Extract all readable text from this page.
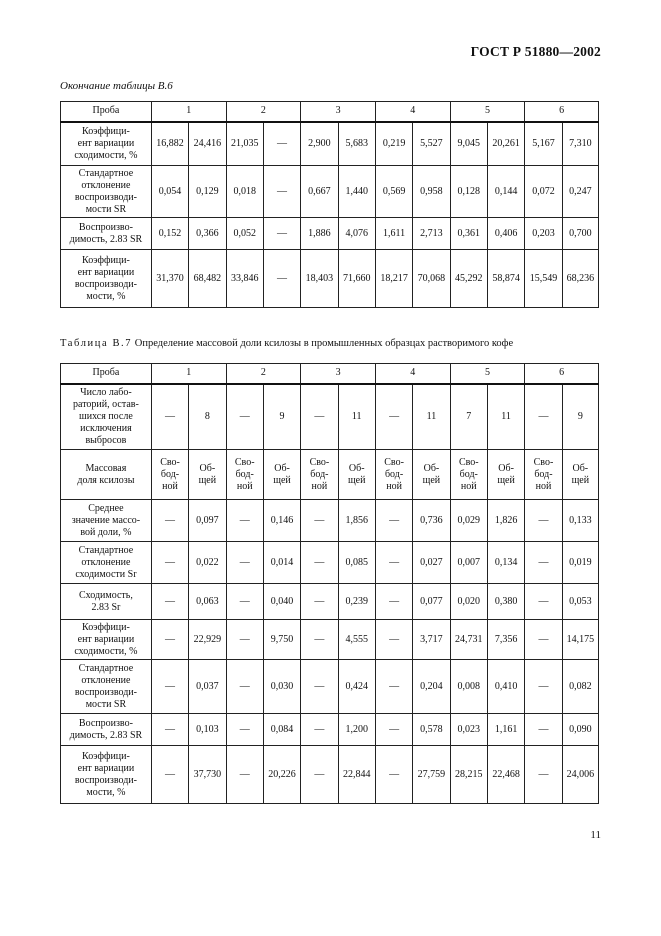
ГОСТ Р 51880—2002
Окончание таблицы В.6
Проба	1		2		3		4		5		6	
Коэффици-
ент вариации
сходимости, %	16,882	24,416	21,035	—	2,900	5,683	0,219	5,527	9,045	20,261	5,167	7,310
Стандартное
отклонение
воспроизводи-
мости SR	0,054	0,129	0,018	—	0,667	1,440	0,569	0,958	0,128	0,144	0,072	0,247
Воспроизво-
димость, 2.83 SR	0,152	0,366	0,052	—	1,886	4,076	1,611	2,713	0,361	0,406	0,203	0,700
Коэффици-
ент вариации
воспроизводи-
мости, %	31,370	68,482	33,846	—	18,403	71,660	18,217	70,068	45,292	58,874	15,549	68,236
Таблица В.7 Определение массовой доли ксилозы в промышленных образцах растворимого кофе
Проба	1		2		3		4		5		6	
Число лабо-
раторий, остав-
шихся после
исключения
выбросов	—	8	—	9	—	11	—	11	7	11	—	9
Массовая
доля ксилозы	Сво-
бод-
ной	Об-
щей	Сво-
бод-
ной	Об-
щей	Сво-
бод-
ной	Об-
щей	Сво-
бод-
ной	Об-
щей	Сво-
бод-
ной	Об-
щей	Сво-
бод-
ной	Об-
щей
Среднее
значение массо-
вой доли, %	—	0,097	—	0,146	—	1,856	—	0,736	0,029	1,826	—	0,133
Стандартное
отклонение
сходимости Sr	—	0,022	—	0,014	—	0,085	—	0,027	0,007	0,134	—	0,019
Сходимость,
2.83 Sr	—	0,063	—	0,040	—	0,239	—	0,077	0,020	0,380	—	0,053
Коэффици-
ент вариации
сходимости, %	—	22,929	—	9,750	—	4,555	—	3,717	24,731	7,356	—	14,175
Стандартное
отклонение
воспроизводи-
мости SR	—	0,037	—	0,030	—	0,424	—	0,204	0,008	0,410	—	0,082
Воспроизво-
димость, 2.83 SR	—	0,103	—	0,084	—	1,200	—	0,578	0,023	1,161	—	0,090
Коэффици-
ент вариации
воспроизводи-
мости, %	—	37,730	—	20,226	—	22,844	—	27,759	28,215	22,468	—	24,006
11
